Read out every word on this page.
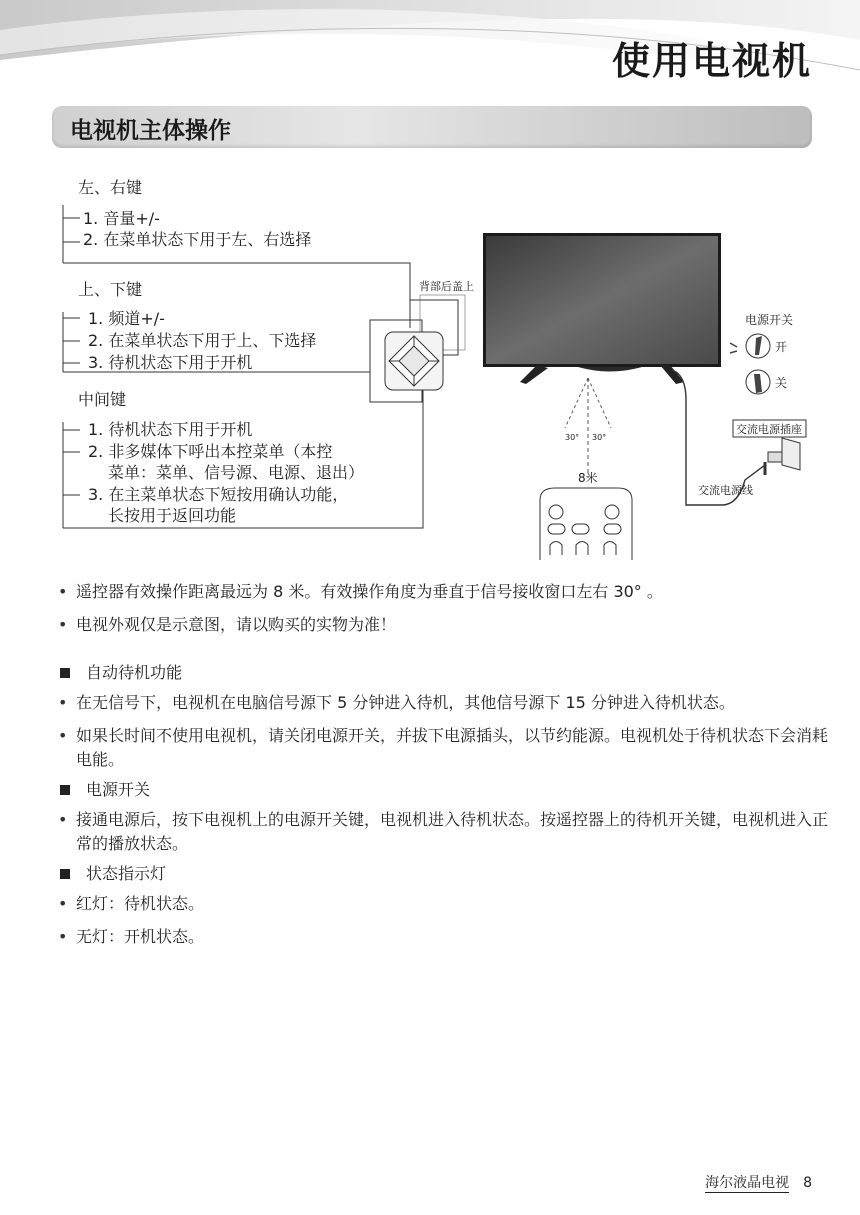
使用电视机
电视机主体操作
左、右键
1. 音量+/-
2. 在菜单状态下用于左、右选择
上、下键
1. 频道+/-
2. 在菜单状态下用于上、下选择
3. 待机状态下用于开机
中间键
1. 待机状态下用于开机
2. 非多媒体下呼出本控菜单（本控
菜单：菜单、信号源、电源、退出）
3. 在主菜单状态下短按用确认功能，
长按用于返回功能
背部后盖上
30° 30°
8米
电源开关
开
关
交流电源插座
交流电源线
• 遥控器有效操作距离最远为 8 米。有效操作角度为垂直于信号接收窗口左右 30° 。
• 电视外观仅是示意图，请以购买的实物为准！
自动待机功能
• 在无信号下，电视机在电脑信号源下 5 分钟进入待机，其他信号源下 15 分钟进入待机状态。
• 如果长时间不使用电视机，请关闭电源开关，并拔下电源插头，以节约能源。电视机处于待机状态下会消耗电能。
电源开关
• 接通电源后，按下电视机上的电源开关键，电视机进入待机状态。按遥控器上的待机开关键，电视机进入正常的播放状态。
状态指示灯
• 红灯：待机状态。
• 无灯：开机状态。
海尔液晶电视 8
